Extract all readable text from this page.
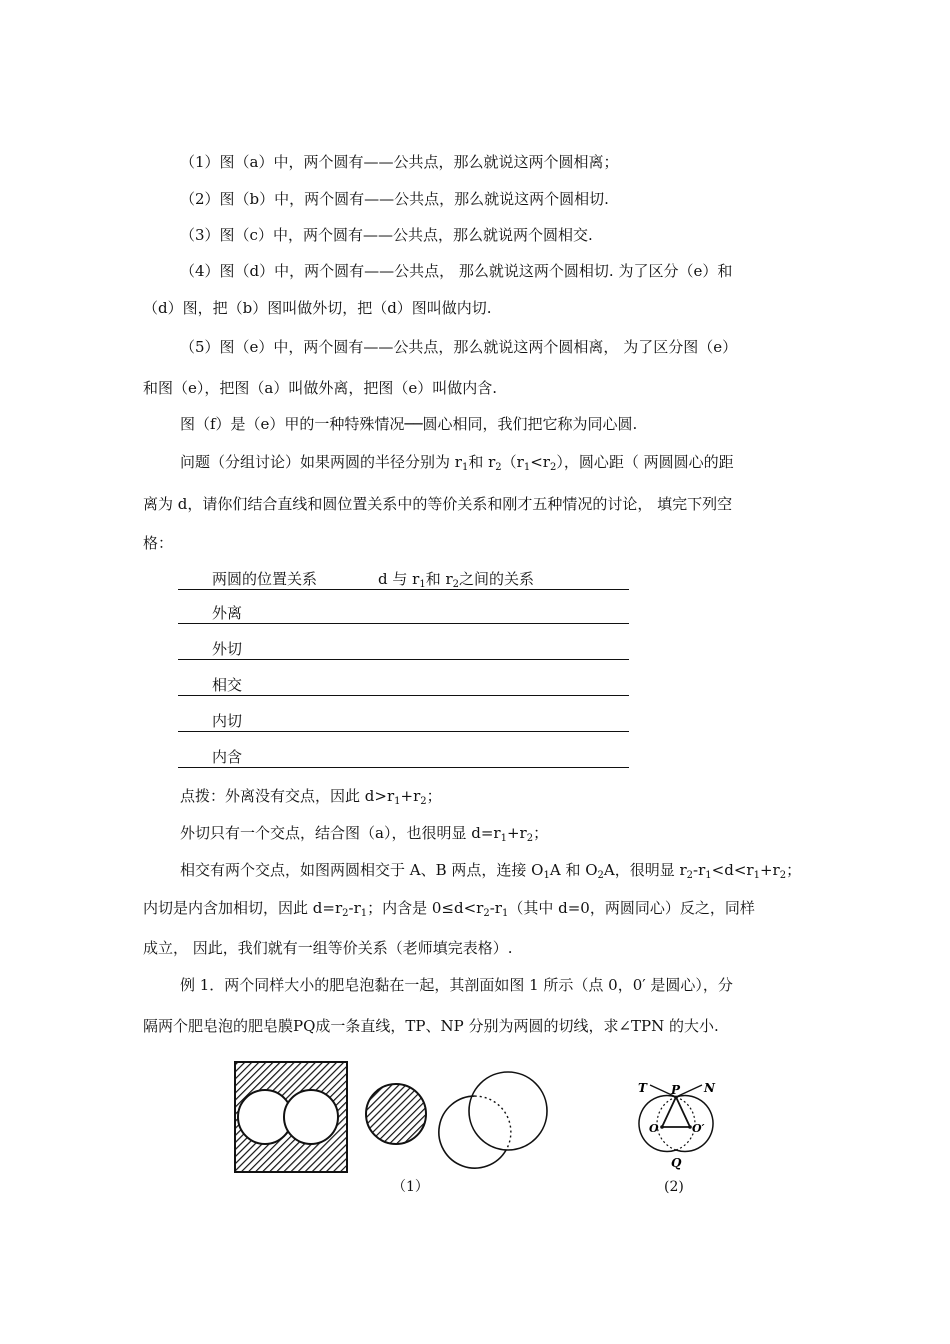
（1）图（a）中，两个圆有——公共点，那么就说这两个圆相离；
（2）图（b）中，两个圆有——公共点，那么就说这两个圆相切.
（3）图（c）中，两个圆有——公共点，那么就说两个圆相交.
（4）图（d）中，两个圆有——公共点， 那么就说这两个圆相切. 为了区分（e）和
（d）图，把（b）图叫做外切，把（d）图叫做内切.
（5）图（e）中，两个圆有——公共点，那么就说这两个圆相离， 为了区分图（e）
和图（e），把图（a）叫做外离，把图（e）叫做内含.
图（f）是（e）甲的一种特殊情况──圆心相同，我们把它称为同心圆.
问题（分组讨论）如果两圆的半径分别为 $r_1$和 $r_2(r_1<r_2)$，圆心距（ 两圆圆心的距
离为 d，请你们结合直线和圆位置关系中的等价关系和刚才五种情况的讨论， 填完下列空
格：
两圆的位置关系	d 与 $r_1$和 $r_2$之间的关系
外离
外切
相交
内切
内含
点拨：外离没有交点，因此 $d>r_1+r_2$；
外切只有一个交点，结合图（a），也很明显 $d=r_1+r_2$；
相交有两个交点，如图两圆相交于 A、B 两点，连接 $O_1A$ 和 $O_2A$，很明显 $r_2-r_1<d<r_1+r_2$；
内切是内含加相切，因此 $d=r_2-r_1$；内含是 $0\le d<r_2-r_1$（其中 d=0，两圆同心）反之，同样
成立， 因此，我们就有一组等价关系（老师填完表格）.
例 1．两个同样大小的肥皂泡黏在一起，其剖面如图 1 所示（点 0，0′ 是圆心），分
隔两个肥皂泡的肥皂膜PQ成一条直线，TP、NP 分别为两圆的切线，求∠TPN 的大小.
（1）
T P N
O	O′
Q
(2)
